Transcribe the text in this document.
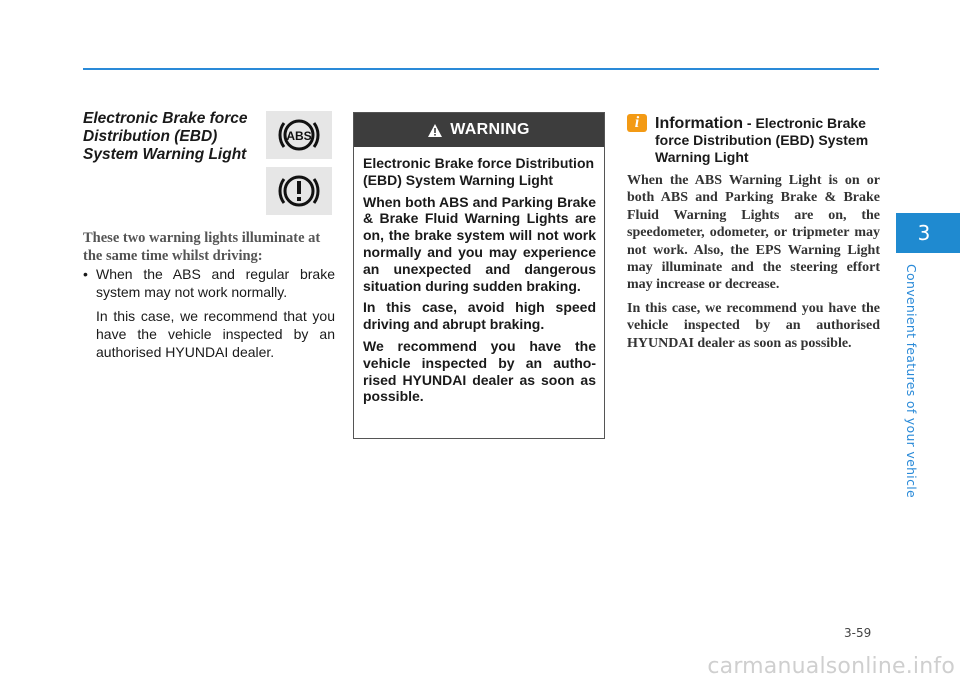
Electronic Brake force Distribution (EBD) System Warning Light
ABS
These two warning lights illuminate at the same time whilst driving:
• When the ABS and regular brake system may not work normally.
In this case, we recommend that you have the vehicle inspected by an authorised HYUNDAI dealer.
WARNING

Electronic Brake force Distribution (EBD) System Warning Light

When both ABS and Parking Brake & Brake Fluid Warning Lights are on, the brake system will not work normally and you may experience an unexpected and dangerous situation during sudden braking.

In this case, avoid high speed driving and abrupt braking.

We recommend you have the vehicle inspected by an autho-rised HYUNDAI dealer as soon as possible.

i Information - Electronic Brake force Distribution (EBD) System Warning Light

When the ABS Warning Light is on or both ABS and Parking Brake & Brake Fluid Warning Lights are on, the speedometer, odometer, or tripmeter may not work. Also, the EPS Warning Light may illuminate and the steering effort may increase or decrease.

In this case, we recommend you have the vehicle inspected by an authorised HYUNDAI dealer as soon as possible.

3
Convenient features of your vehicle
3-59
carmanualsonline.info
